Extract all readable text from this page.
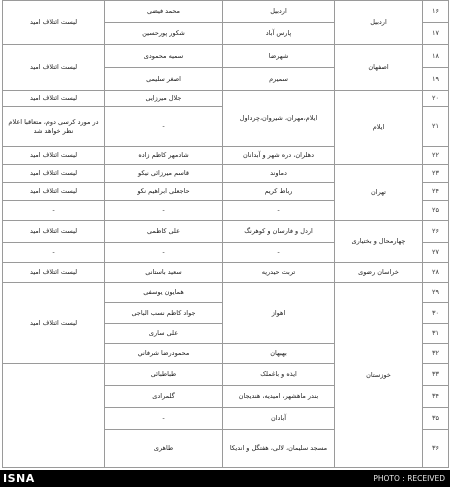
۱۶	اردبیل	اردبیل	محمد فیضی	لیست ائتلاف امید
۱۷		پارس آباد	شکور پورحسین	
۱۸	اصفهان	شهرضا	سمیه محمودی	لیست ائتلاف امید
۱۹		سمیرم	اصغر سلیمی	
۲۰	ایلام	ایلام،مهران، شیروان،چرداول	جلال میرزایی	لیست ائتلاف امید
۲۱			-	در مورد کرسی دوم، متعاقبا اعلام نظر خواهد شد
۲۲		دهلران، دره شهر و آبدانان	شادمهر کاظم زاده	لیست ائتلاف امید
۲۳	تهران	دماوند	قاسم میرزائی نیکو	لیست ائتلاف امید
۲۴		رباط کریم	حاجعلی ابراهیم نکو	لیست ائتلاف امید
۲۵		-	-	-
۲۶	چهارمحال و بختیاری	اردل و فارسان و کوهرنگ	علی کاظمی	لیست ائتلاف امید
۲۷		-	-	-
۲۸	خراسان رضوی	تربت حیدریه	سعید باستانی	لیست ائتلاف امید
۲۹	خوزستان	اهواز	همایون یوسفی	لیست ائتلاف امید
۳۰			جواد کاظم نسب الباجی	
۳۱			علی ساری	
۳۲		بهبهان	محمودرضا شرفاني	
۳۳		ایذه و باغملک	طباطبائی	
۳۴		بندر ماهشهر، امیدیه، هندیجان	گلمرادی	
۳۵		آبادان	-	
۳۶		مسجد سلیمان، لالی، هفتگل و اندیکا	طاهری	
ISNA	PHOTO : RECEIVED
